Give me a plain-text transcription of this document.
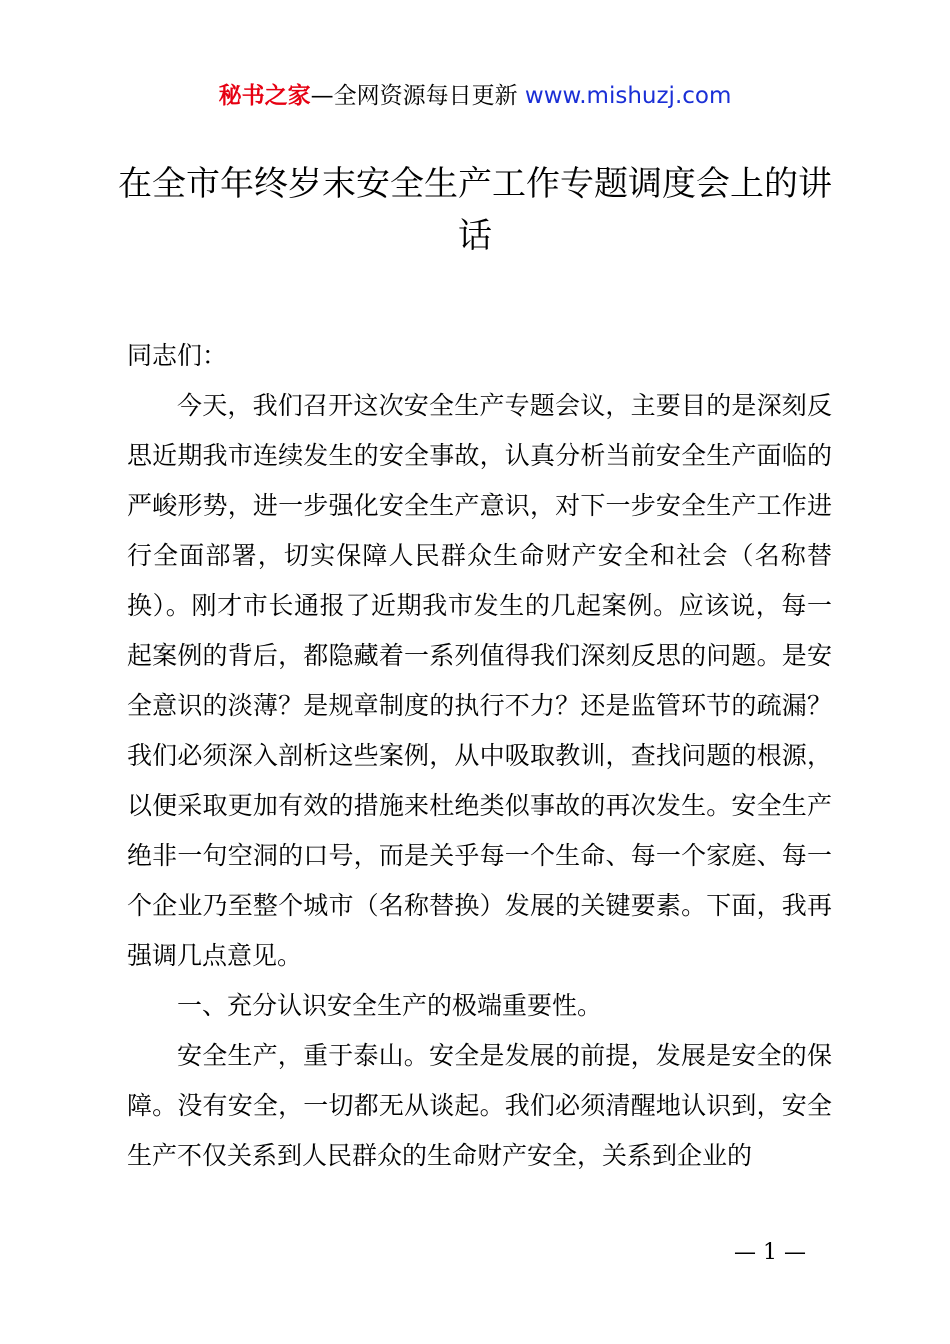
秘书之家—全网资源每日更新 www.mishuzj.com
在全市年终岁末安全生产工作专题调度会上的讲话

同志们：

今天，我们召开这次安全生产专题会议，主要目的是深刻反思近期我市连续发生的安全事故，认真分析当前安全生产面临的严峻形势，进一步强化安全生产意识，对下一步安全生产工作进行全面部署，切实保障人民群众生命财产安全和社会（名称替换）。刚才市长通报了近期我市发生的几起案例。应该说，每一起案例的背后，都隐藏着一系列值得我们深刻反思的问题。是安全意识的淡薄？是规章制度的执行不力？还是监管环节的疏漏？我们必须深入剖析这些案例，从中吸取教训，查找问题的根源，以便采取更加有效的措施来杜绝类似事故的再次发生。安全生产绝非一句空洞的口号，而是关乎每一个生命、每一个家庭、每一个企业乃至整个城市（名称替换）发展的关键要素。下面，我再强调几点意见。

一、充分认识安全生产的极端重要性。

安全生产，重于泰山。安全是发展的前提，发展是安全的保障。没有安全，一切都无从谈起。我们必须清醒地认识到，安全生产不仅关系到人民群众的生命财产安全，关系到企业的

— 1 —
